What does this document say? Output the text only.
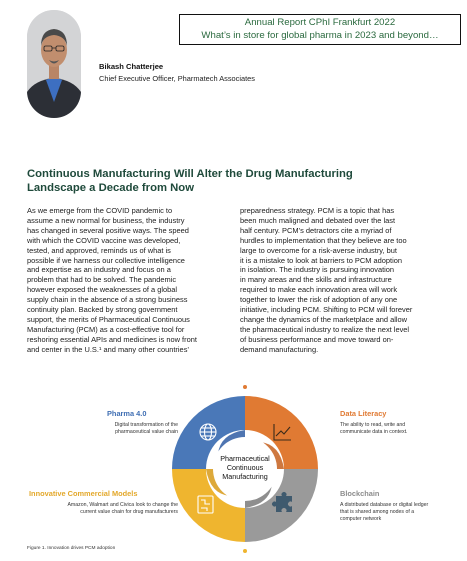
Annual Report CPhI Frankfurt 2022
What’s in store for global pharma in 2023 and beyond…
Bikash Chatterjee
Chief Executive Officer, Pharmatech Associates
Continuous Manufacturing Will Alter the Drug Manufacturing
Landscape a Decade from Now
As we emerge from the COVID pandemic to
assume a new normal for business, the industry
has changed in several positive ways. The speed
with which the COVID vaccine was developed,
tested, and approved, reminds us of what is
possible if we harness our collective intelligence
and expertise as an industry and focus on a
problem that had to be solved. The pandemic
however exposed the weaknesses of a global
supply chain in the absence of a strong business
continuity plan. Backed by strong government
support, the merits of Pharmaceutical Continuous
Manufacturing (PCM) as a cost-effective tool for
reshoring essential APIs and medicines is now front
and center in the U.S.¹ and many other countries’
preparedness strategy. PCM is a topic that has
been much maligned and debated over the last
half century. PCM’s detractors cite a myriad of
hurdles to implementation that they believe are too
large to overcome for a risk-averse industry, but
it is a mistake to look at barriers to PCM adoption
in isolation. The industry is pursuing innovation
in many areas and the skills and infrastructure
required to make each innovation area will work
together to lower the risk of adoption of any one
initiative, including PCM. Shifting to PCM will forever
change the dynamics of the marketplace and allow
the pharmaceutical industry to realize the next level
of business performance and move toward on-
demand manufacturing.
Pharmaceutical
Continuous
Manufacturing
Pharma 4.0
Digital transformation of the
pharmaceutical value chain
Data Literacy
The ability to read, write and
communicate data in context.
Innovative Commercial Models
Amazon, Walmart and Civica look to change the
current value chain for drug manufacturers
Blockchain
A distributed database or digital ledger
that is shared among nodes of a
computer network
Figure 1. Innovation drives PCM adoption
